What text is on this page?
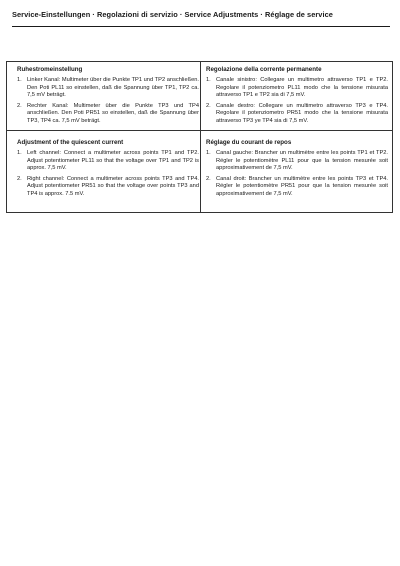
Service-Einstellungen · Regolazioni di servizio · Service Adjustments · Réglage de service
Ruhestromeinstellung
1. Linker Kanal: Multimeter über die Punkte TP1 und TP2 anschließen. Den Poti PL11 so einstellen, daß die Spannung über TP1, TP2 ca. 7,5 mV beträgt.
2. Rechter Kanal: Multimeter über die Punkte TP3 und TP4 anschließen. Den Poti PR51 so einstellen, daß die Spannung über TP3, TP4 ca. 7,5 mV beträgt.
Regolazione della corrente permanente
1. Canale sinistro: Collegare un multimetro attraverso TP1 e TP2. Regolare il potenziometro PL11 modo che la tensione misurata attraverso TP1 e TP2 sia di 7,5 mV.
2. Canale destro: Collegare un multimetro attraverso TP3 e TP4. Regolare il potenziometro PR51 modo che la tensione misurata attraverso TP3 ye TP4 sia di 7,5 mV.
Adjustment of the quiescent current
1. Left channel: Connect a multimeter across points TP1 and TP2. Adjust potentiometer PL11 so that the voltage over TP1 and TP2 is approx. 7,5 mV.
2. Right channel: Connect a multimeter across points TP3 and TP4. Adjust potentiometer PR51 so that the voltage over points TP3 and TP4 is approx. 7.5 mV.
Réglage du courant de repos
1. Canal gauche: Brancher un multimètre entre les points TP1 et TP2. Régler le potentiomètre PL11 pour que la tension mesurée soit approximativement de 7,5 mV.
2. Canal droit: Brancher un multimètre entre les points TP3 et TP4. Régler le potentiomètre PR51 pour que la tension mesurée soit approximativement de 7,5 mV.
